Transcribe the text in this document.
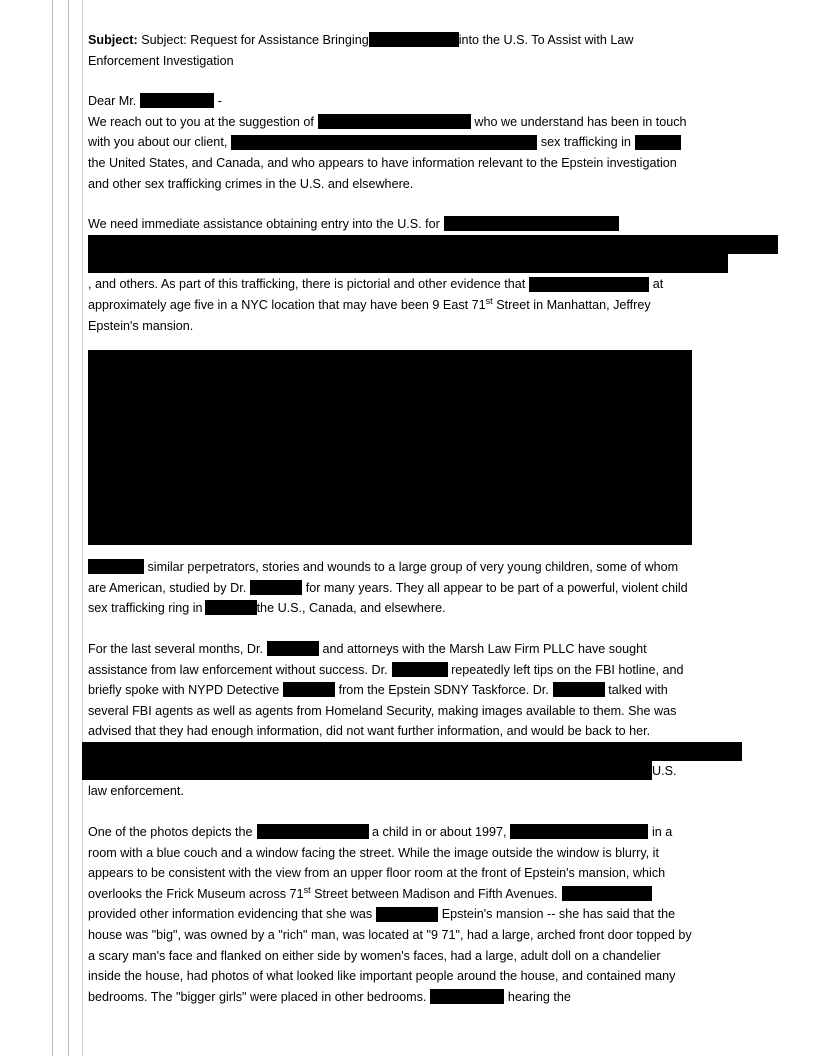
Subject: Subject: Request for Assistance Bringing	into the U.S. To Assist with Law Enforcement Investigation

Dear Mr.	-

We reach out to you at the suggestion of	who we understand has been in touch with you about our client,	sex trafficking in the United States, and Canada, and who appears to have information relevant to the Epstein investigation and other sex trafficking crimes in the U.S. and elsewhere.

We need immediate assistance obtaining entry into the U.S. for

, and others. As part of this trafficking, there is pictorial and other evidence that	at approximately age five in a NYC location that may have been 9 East 71st Street in Manhattan, Jeffrey Epstein's mansion.

similar perpetrators, stories and wounds to a large group of very young children, some of whom are American, studied by Dr.	for many years. They all appear to be part of a powerful, violent child sex trafficking ring in	the U.S., Canada, and elsewhere.

For the last several months, Dr.	and attorneys with the Marsh Law Firm PLLC have sought assistance from law enforcement without success. Dr.	repeatedly left tips on the FBI hotline, and briefly spoke with NYPD Detective	from the Epstein SDNY Taskforce. Dr.	talked with several FBI agents as well as agents from Homeland Security, making images available to them. She was advised that they had enough information, did not want further information, and would be back to her.

U.S. law enforcement.

One of the photos depicts the	a child in or about 1997,	in a room with a blue couch and a window facing the street. While the image outside the window is blurry, it appears to be consistent with the view from an upper floor room at the front of Epstein's mansion, which overlooks the Frick Museum across 71st Street between Madison and Fifth Avenues. provided other information evidencing that she was	Epstein's mansion -- she has said that the house was "big", was owned by a "rich" man, was located at "9 71", had a large, arched front door topped by a scary man's face and flanked on either side by women's faces, had a large, adult doll on a chandelier inside the house, had photos of what looked like important people around the house, and contained many bedrooms. The "bigger girls" were placed in other bedrooms.	hearing the
